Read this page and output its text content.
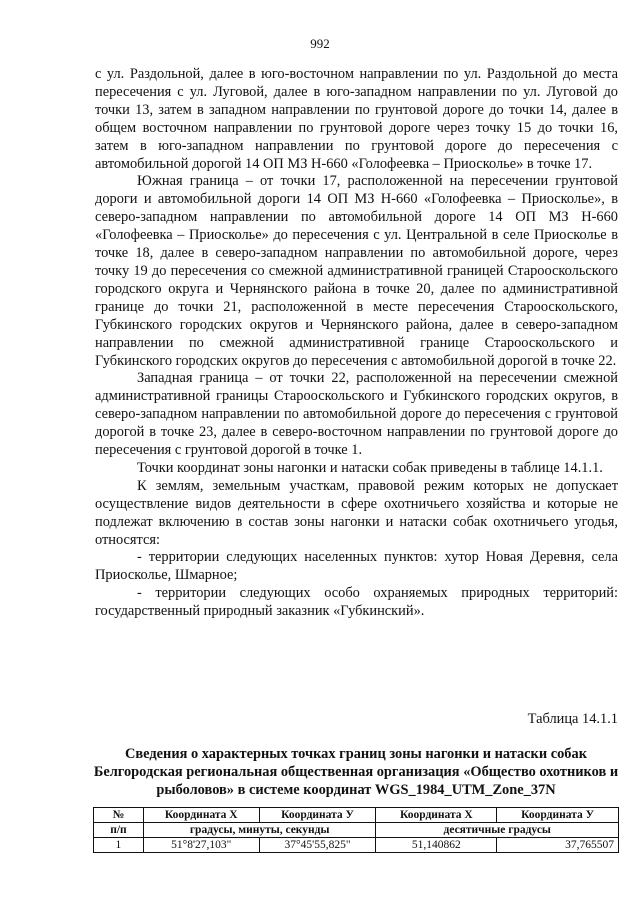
992

с ул. Раздольной, далее в юго-восточном направлении по ул. Раздольной до места пересечения с ул. Луговой, далее в юго-западном направлении по ул. Луговой до точки 13, затем в западном направлении по грунтовой дороге до точки 14, далее в общем восточном направлении по грунтовой дороге через точку 15 до точки 16, затем в юго-западном направлении по грунтовой дороге до пересечения с автомобильной дорогой 14 ОП МЗ Н-660 «Голофеевка – Приосколье» в точке 17.

Южная граница – от точки 17, расположенной на пересечении грунтовой дороги и автомобильной дороги 14 ОП МЗ Н-660 «Голофеевка – Приосколье», в северо-западном направлении по автомобильной дороге 14 ОП МЗ Н-660 «Голофеевка – Приосколье» до пересечения с ул. Центральной в селе Приосколье в точке 18, далее в северо-западном направлении по автомобильной дороге, через точку 19 до пересечения со смежной административной границей Старооскольского городского округа и Чернянского района в точке 20, далее по административной границе до точки 21, расположенной в месте пересечения Старооскольского, Губкинского городских округов и Чернянского района, далее в северо-западном направлении по смежной административной границе Старооскольского и Губкинского городских округов до пересечения с автомобильной дорогой в точке 22.

Западная граница – от точки 22, расположенной на пересечении смежной административной границы Старооскольского и Губкинского городских округов, в северо-западном направлении по автомобильной дороге до пересечения с грунтовой дорогой в точке 23, далее в северо-восточном направлении по грунтовой дороге до пересечения с грунтовой дорогой в точке 1.

Точки координат зоны нагонки и натаски собак приведены в таблице 14.1.1.

К землям, земельным участкам, правовой режим которых не допускает осуществление видов деятельности в сфере охотничьего хозяйства и которые не подлежат включению в состав зоны нагонки и натаски собак охотничьего угодья, относятся:

- территории следующих населенных пунктов: хутор Новая Деревня, села Приосколье, Шмарное;

- территории следующих особо охраняемых природных территорий: государственный природный заказник «Губкинский».

Таблица 14.1.1
Сведения о характерных точках границ зоны нагонки и натаски собак Белгородская региональная общественная организация «Общество охотников и рыболовов» в системе координат WGS_1984_UTM_Zone_37N
№	Координата X	Координата У	Координата X	Координата У
п/п	градусы, минуты, секунды		десятичные градусы	
1	51°8'27,103"	37°45'55,825"	51,140862	37,765507
